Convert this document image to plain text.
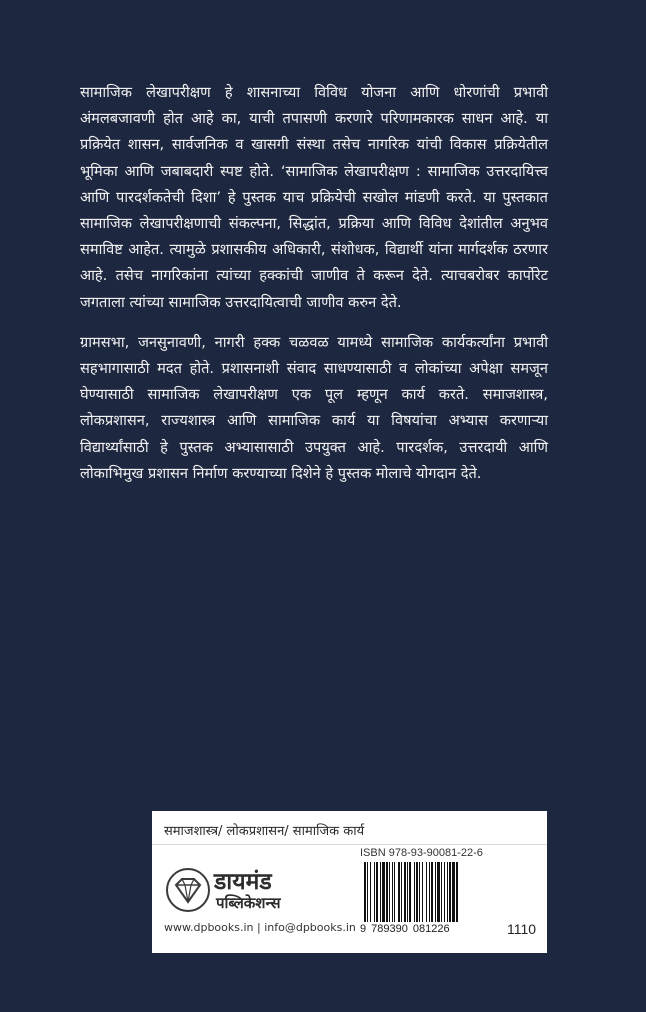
सामाजिक लेखापरीक्षण हे शासनाच्या विविध योजना आणि धोरणांची प्रभावी अंमलबजावणी होत आहे का, याची तपासणी करणारे परिणामकारक साधन आहे. या प्रक्रियेत शासन, सार्वजनिक व खासगी संस्था तसेच नागरिक यांची विकास प्रक्रियेतील भूमिका आणि जबाबदारी स्पष्ट होते. ‘सामाजिक लेखापरीक्षण : सामाजिक उत्तरदायित्त्व आणि पारदर्शकतेची दिशा’ हे पुस्तक याच प्रक्रियेची सखोल मांडणी करते. या पुस्तकात सामाजिक लेखापरीक्षणाची संकल्पना, सिद्धांत, प्रक्रिया आणि विविध देशांतील अनुभव समाविष्ट आहेत. त्यामुळे प्रशासकीय अधिकारी, संशोधक, विद्यार्थी यांना मार्गदर्शक ठरणार आहे. तसेच नागरिकांना त्यांच्या हक्कांची जाणीव ते करून देते. त्याचबरोबर कार्पोरेट जगताला त्यांच्या सामाजिक उत्तरदायित्वाची जाणीव करुन देते.

ग्रामसभा, जनसुनावणी, नागरी हक्क चळवळ यामध्ये सामाजिक कार्यकर्त्यांना प्रभावी सहभागासाठी मदत होते. प्रशासनाशी संवाद साधण्यासाठी व लोकांच्या अपेक्षा समजून घेण्यासाठी सामाजिक लेखापरीक्षण एक पूल म्हणून कार्य करते. समाजशास्त्र, लोकप्रशासन, राज्यशास्त्र आणि सामाजिक कार्य या विषयांचा अभ्यास करणाऱ्या विद्यार्थ्यांसाठी हे पुस्तक अभ्यासासाठी उपयुक्त आहे. पारदर्शक, उत्तरदायी आणि लोकाभिमुख प्रशासन निर्माण करण्याच्या दिशेने हे पुस्तक मोलाचे योगदान देते.

समाजशास्त्र/ लोकप्रशासन/ सामाजिक कार्य
डायमंड
पब्लिकेशन्स
www.dpbooks.in | info@dpbooks.in
ISBN 978-93-90081-22-6
9 789390 081226	1110
